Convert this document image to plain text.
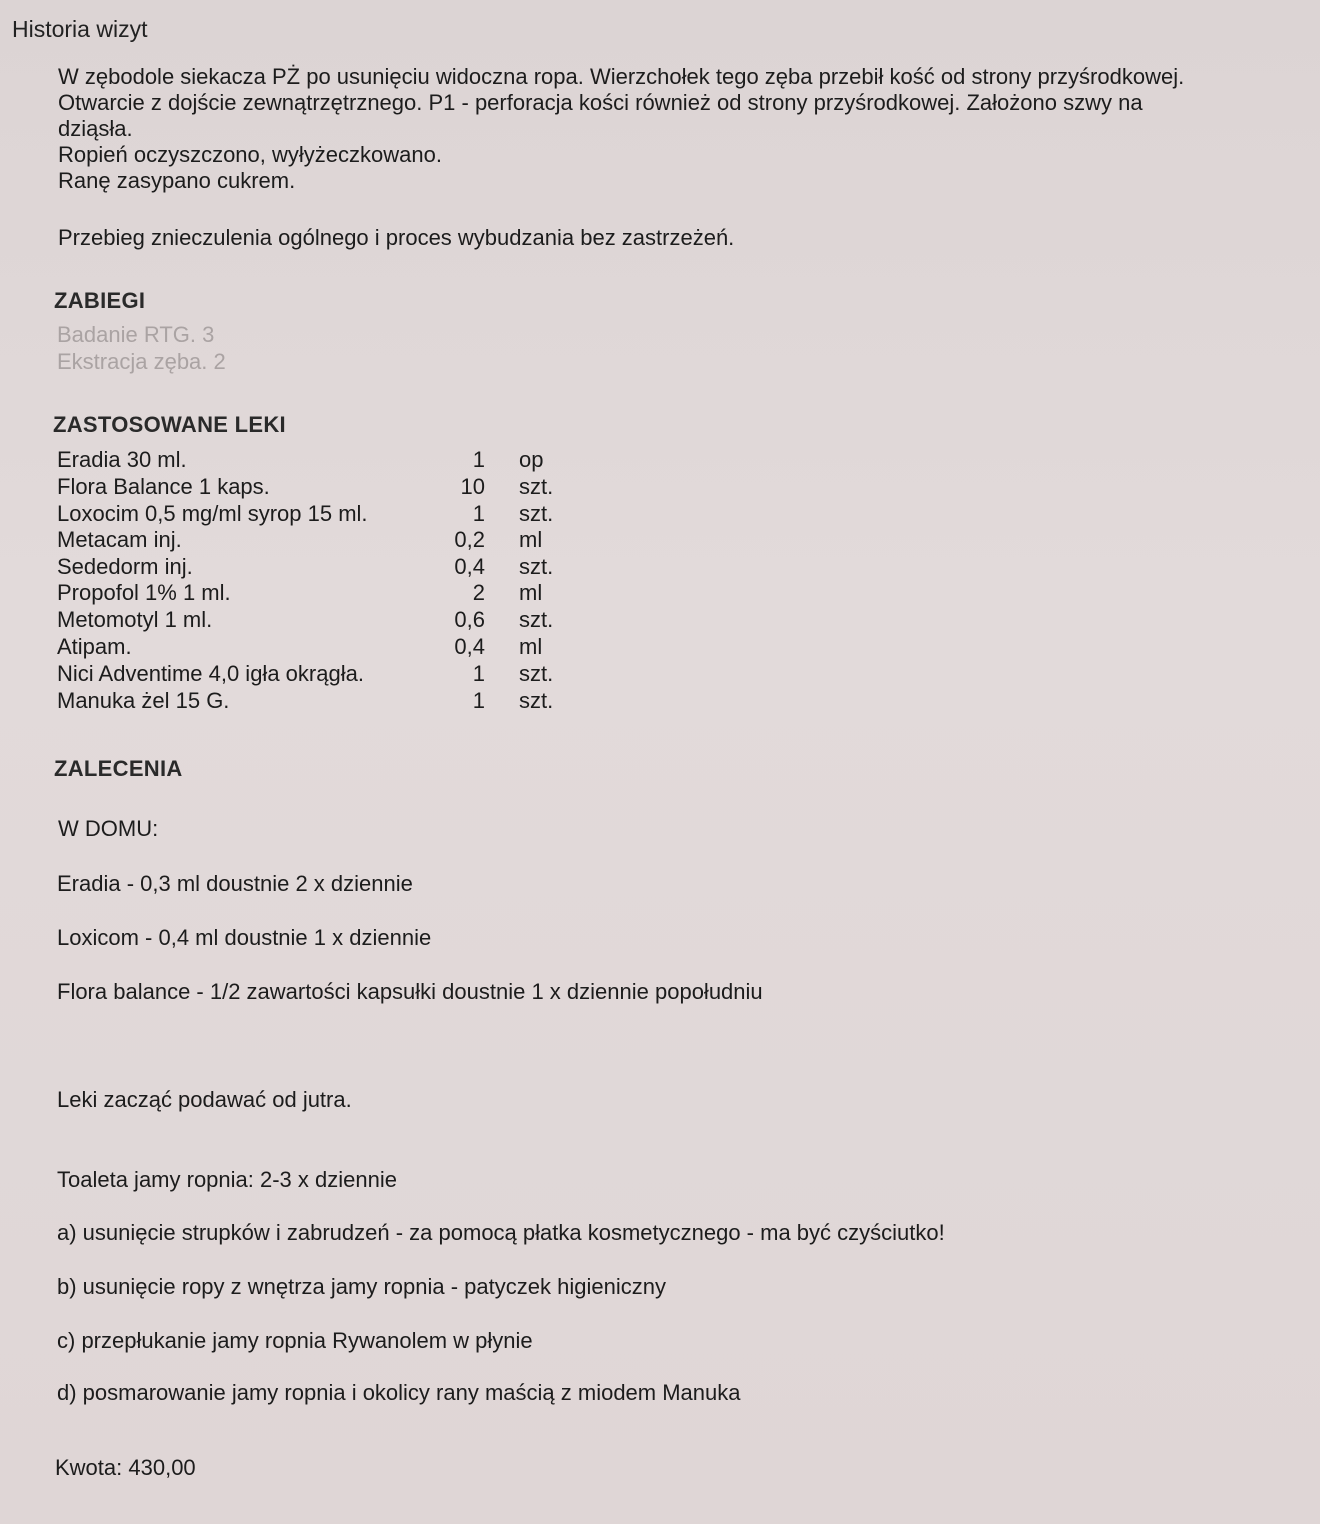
Historia wizyt
W zębodole siekacza PŻ po usunięciu widoczna ropa. Wierzchołek tego zęba przebił kość od strony przyśrodkowej.
Otwarcie z dojście zewnątrzętrznego. P1 - perforacja kości również od strony przyśrodkowej. Założono szwy na
dziąsła.
Ropień oczyszczono, wyłyżeczkowano.
Ranę zasypano cukrem.
Przebieg znieczulenia ogólnego i proces wybudzania bez zastrzeżeń.
ZABIEGI
Badanie RTG. 3
Ekstracja zęba. 2
ZASTOSOWANE LEKI
Eradia 30 ml.	1 op
Flora Balance 1 kaps.	10 szt.
Loxocim 0,5 mg/ml syrop 15 ml.	1 szt.
Metacam inj.	0,2 ml
Sededorm inj.	0,4 szt.
Propofol 1% 1 ml.	2 ml
Metomotyl 1 ml.	0,6 szt.
Atipam.	0,4 ml
Nici Adventime 4,0 igła okrągła.	1 szt.
Manuka żel 15 G.	1 szt.
ZALECENIA
W DOMU:
Eradia - 0,3 ml doustnie 2 x dziennie
Loxicom - 0,4 ml doustnie 1 x dziennie
Flora balance - 1/2 zawartości kapsułki doustnie 1 x dziennie popołudniu
Leki zacząć podawać od jutra.
Toaleta jamy ropnia: 2-3 x dziennie
a) usunięcie strupków i zabrudzeń - za pomocą płatka kosmetycznego - ma być czyściutko!
b) usunięcie ropy z wnętrza jamy ropnia - patyczek higieniczny
c) przepłukanie jamy ropnia Rywanolem w płynie
d) posmarowanie jamy ropnia i okolicy rany maścią z miodem Manuka
Kwota: 430,00
